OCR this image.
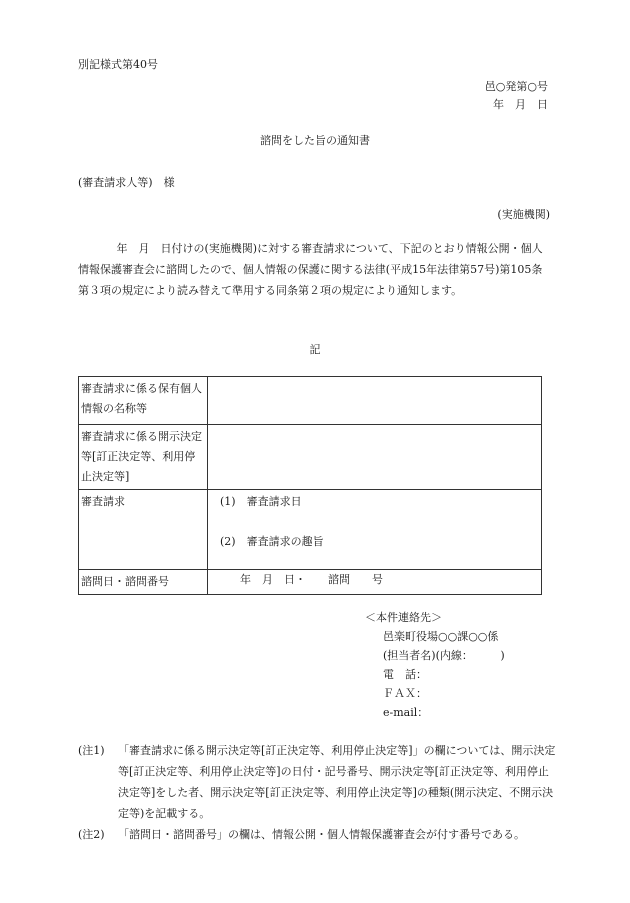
別記様式第40号
邑○発第○号
年　月　日
諮問をした旨の通知書
(審査請求人等)　様
(実施機関)
年　月　日付けの(実施機関)に対する審査請求について、下記のとおり情報公開・個人情報保護審査会に諮問したので、個人情報の保護に関する法律(平成15年法律第57号)第105条第３項の規定により読み替えて準用する同条第２項の規定により通知します。
記
審査請求に係る保有個人情報の名称等	
審査請求に係る開示決定等[訂正決定等、利用停止決定等]	
審査請求	(1)　審査請求日
(2)　審査請求の趣旨

諮問日・諮問番号	年　月　日・　　諮問　　号
＜本件連絡先＞
邑楽町役場○○課○○係
(担当者名)(内線：　　　)
電　話：
ＦＡＸ：
e-mail：
(注1)	「審査請求に係る開示決定等[訂正決定等、利用停止決定等]」の欄については、開示決定等[訂正決定等、利用停止決定等]の日付・記号番号、開示決定等[訂正決定等、利用停止決定等]をした者、開示決定等[訂正決定等、利用停止決定等]の種類(開示決定、不開示決定等)を記載する。
(注2)	「諮問日・諮問番号」の欄は、情報公開・個人情報保護審査会が付す番号である。
